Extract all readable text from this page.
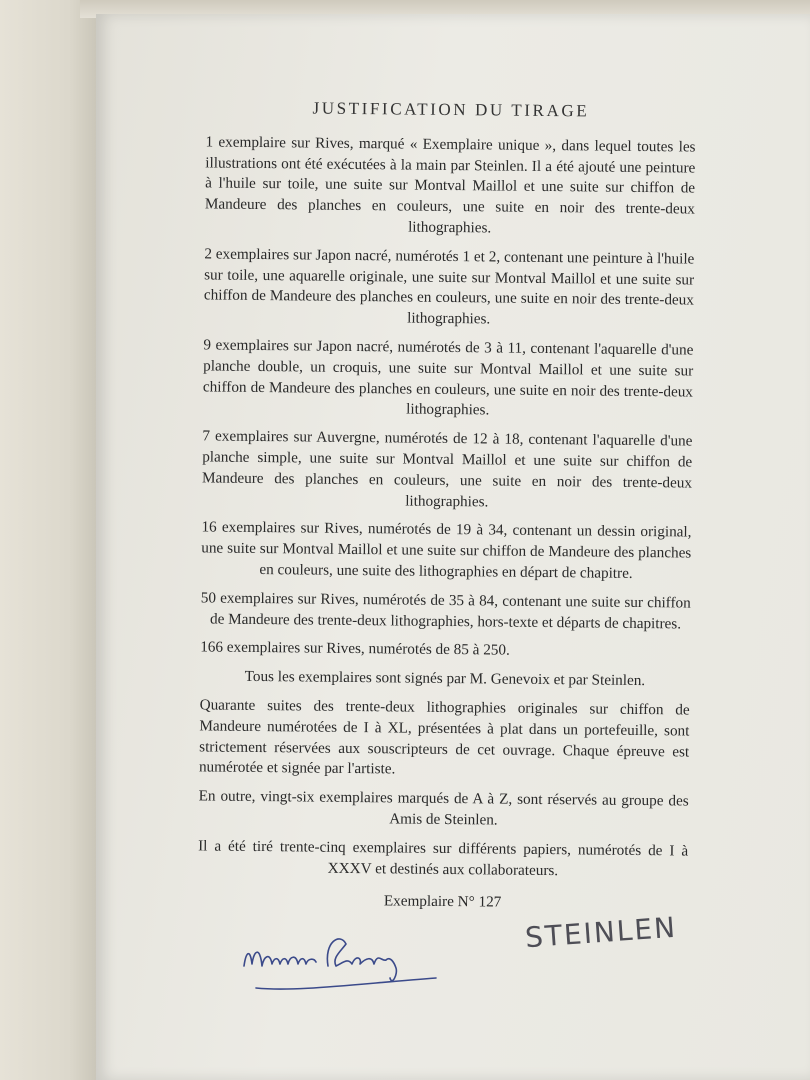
JUSTIFICATION DU TIRAGE

1 exemplaire sur Rives, marqué « Exemplaire unique », dans lequel toutes les illustrations ont été exécutées à la main par Steinlen. Il a été ajouté une peinture à l'huile sur toile, une suite sur Montval Maillol et une suite sur chiffon de Mandeure des planches en couleurs, une suite en noir des trente-deux lithographies.

2 exemplaires sur Japon nacré, numérotés 1 et 2, contenant une peinture à l'huile sur toile, une aquarelle originale, une suite sur Montval Maillol et une suite sur chiffon de Mandeure des planches en couleurs, une suite en noir des trente-deux lithographies.

9 exemplaires sur Japon nacré, numérotés de 3 à 11, contenant l'aquarelle d'une planche double, un croquis, une suite sur Montval Maillol et une suite sur chiffon de Mandeure des planches en couleurs, une suite en noir des trente-deux lithographies.

7 exemplaires sur Auvergne, numérotés de 12 à 18, contenant l'aquarelle d'une planche simple, une suite sur Montval Maillol et une suite sur chiffon de Mandeure des planches en couleurs, une suite en noir des trente-deux lithographies.

16 exemplaires sur Rives, numérotés de 19 à 34, contenant un dessin original, une suite sur Montval Maillol et une suite sur chiffon de Mandeure des planches en couleurs, une suite des lithographies en départ de chapitre.

50 exemplaires sur Rives, numérotés de 35 à 84, contenant une suite sur chiffon de Mandeure des trente-deux lithographies, hors-texte et départs de chapitres.

166 exemplaires sur Rives, numérotés de 85 à 250.

Tous les exemplaires sont signés par M. Genevoix et par Steinlen.

Quarante suites des trente-deux lithographies originales sur chiffon de Mandeure numérotées de I à XL, présentées à plat dans un portefeuille, sont strictement réservées aux souscripteurs de cet ouvrage. Chaque épreuve est numérotée et signée par l'artiste.

En outre, vingt-six exemplaires marqués de A à Z, sont réservés au groupe des Amis de Steinlen.

Il a été tiré trente-cinq exemplaires sur différents papiers, numérotés de I à XXXV et destinés aux collaborateurs.

Exemplaire N° 127

STEINLEN
